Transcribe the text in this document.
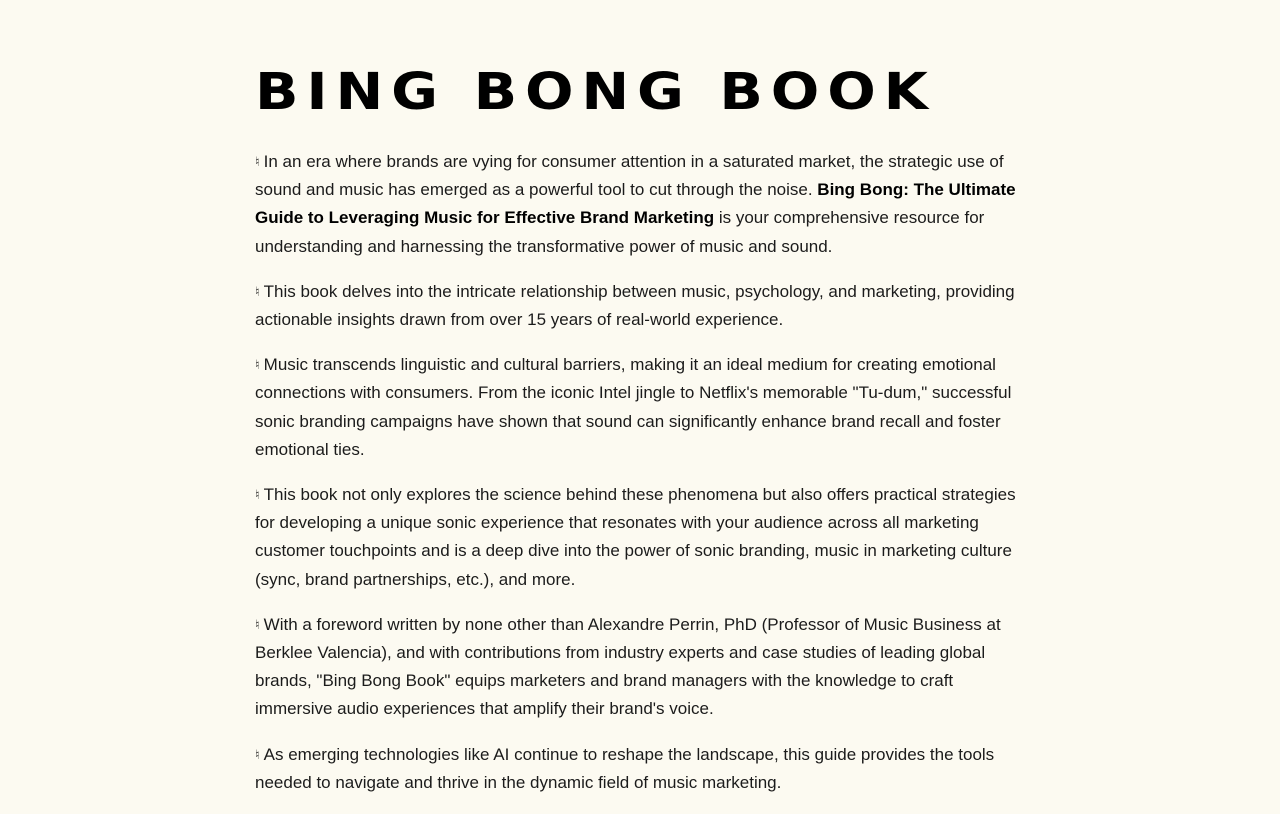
BING BONG BOOK

♮ In an era where brands are vying for consumer attention in a saturated market, the strategic use of sound and music has emerged as a powerful tool to cut through the noise. Bing Bong: The Ultimate Guide to Leveraging Music for Effective Brand Marketing is your comprehensive resource for understanding and harnessing the transformative power of music and sound.

♮ This book delves into the intricate relationship between music, psychology, and marketing, providing actionable insights drawn from over 15 years of real-world experience.

♮ Music transcends linguistic and cultural barriers, making it an ideal medium for creating emotional connections with consumers. From the iconic Intel jingle to Netflix's memorable "Tu-dum," successful sonic branding campaigns have shown that sound can significantly enhance brand recall and foster emotional ties.

♮ This book not only explores the science behind these phenomena but also offers practical strategies for developing a unique sonic experience that resonates with your audience across all marketing customer touchpoints and is a deep dive into the power of sonic branding, music in marketing culture (sync, brand partnerships, etc.), and more.

♮ With a foreword written by none other than Alexandre Perrin, PhD (Professor of Music Business at Berklee Valencia), and with contributions from industry experts and case studies of leading global brands, "Bing Bong Book" equips marketers and brand managers with the knowledge to craft immersive audio experiences that amplify their brand's voice.

♮ As emerging technologies like AI continue to reshape the landscape, this guide provides the tools needed to navigate and thrive in the dynamic field of music marketing.
